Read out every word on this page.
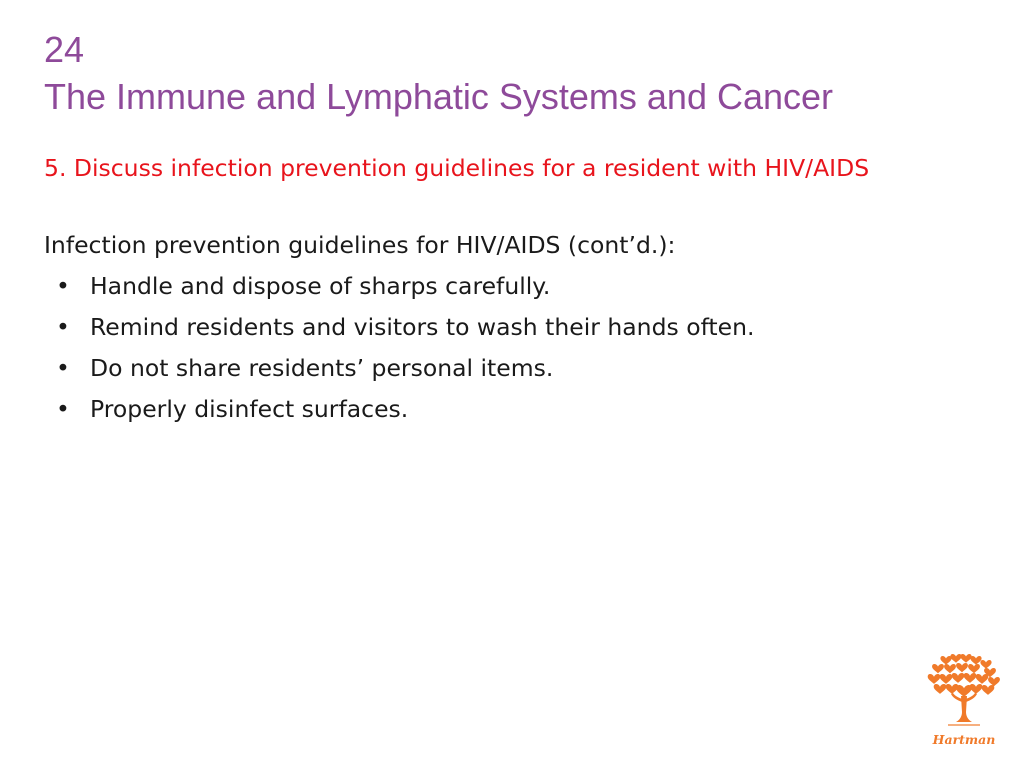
24
The Immune and Lymphatic Systems and Cancer
5. Discuss infection prevention guidelines for a resident with HIV/AIDS
Infection prevention guidelines for HIV/AIDS (cont’d.):
• Handle and dispose of sharps carefully.
• Remind residents and visitors to wash their hands often.
• Do not share residents’ personal items.
• Properly disinfect surfaces.
Hartman
